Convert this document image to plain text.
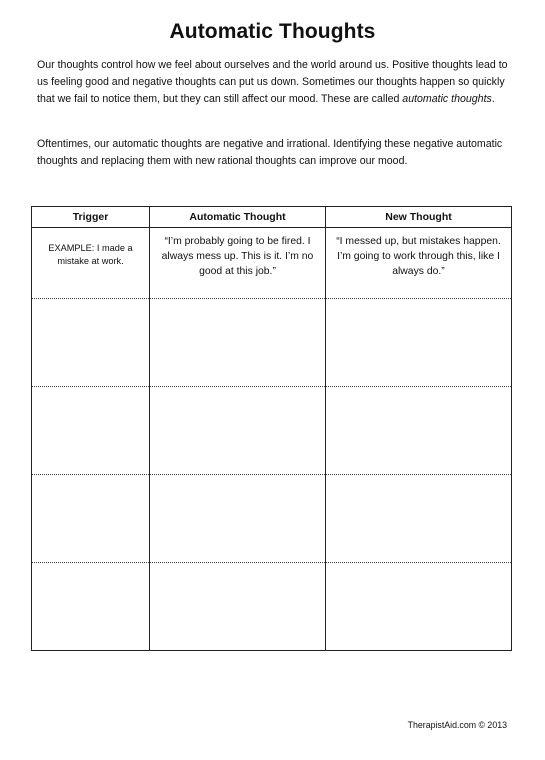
Automatic Thoughts

Our thoughts control how we feel about ourselves and the world around us. Positive thoughts lead to us feeling good and negative thoughts can put us down. Sometimes our thoughts happen so quickly that we fail to notice them, but they can still affect our mood. These are called automatic thoughts.

Oftentimes, our automatic thoughts are negative and irrational. Identifying these negative automatic thoughts and replacing them with new rational thoughts can improve our mood.

Trigger	Automatic Thought	New Thought
EXAMPLE: I made a mistake at work.	“I’m probably going to be fired. I always mess up. This is it. I’m no good at this job.”	“I messed up, but mistakes happen. I’m going to work through this, like I always do.”

TherapistAid.com © 2013
